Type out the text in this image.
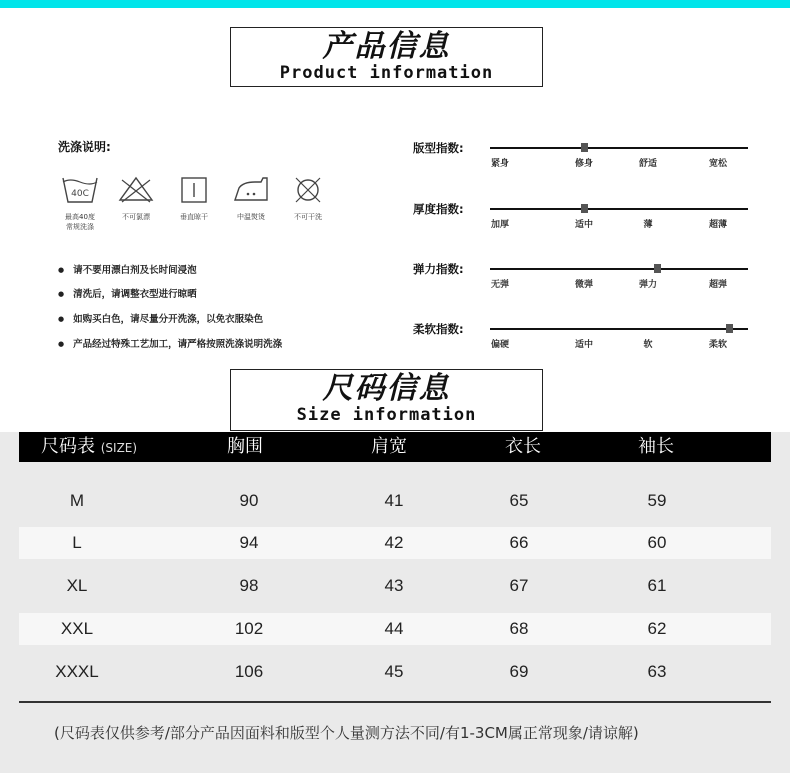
产品信息
Product information
洗涤说明:
40C
最高40度
常规洗涤
不可氯漂	垂直晾干	中温熨烫	不可干洗
● 请不要用漂白剂及长时间浸泡
● 清洗后，请调整衣型进行晾晒
● 如购买白色，请尽量分开洗涤，以免衣服染色
● 产品经过特殊工艺加工，请严格按照洗涤说明洗涤
版型指数:
紧身	修身	舒适	宽松
厚度指数:
加厚	适中	薄	超薄
弹力指数:
无弹	微弹	弹力	超弹
柔软指数:
偏硬	适中	软	柔软
尺码信息
Size information
尺码表 (SIZE)	胸围	肩宽	衣长	袖长
M	90	41	65	59
L	94	42	66	60
XL	98	43	67	61
XXL	102	44	68	62
XXXL	106	45	69	63
(尺码表仅供参考/部分产品因面料和版型个人量测方法不同/有1-3CM属正常现象/请谅解)
